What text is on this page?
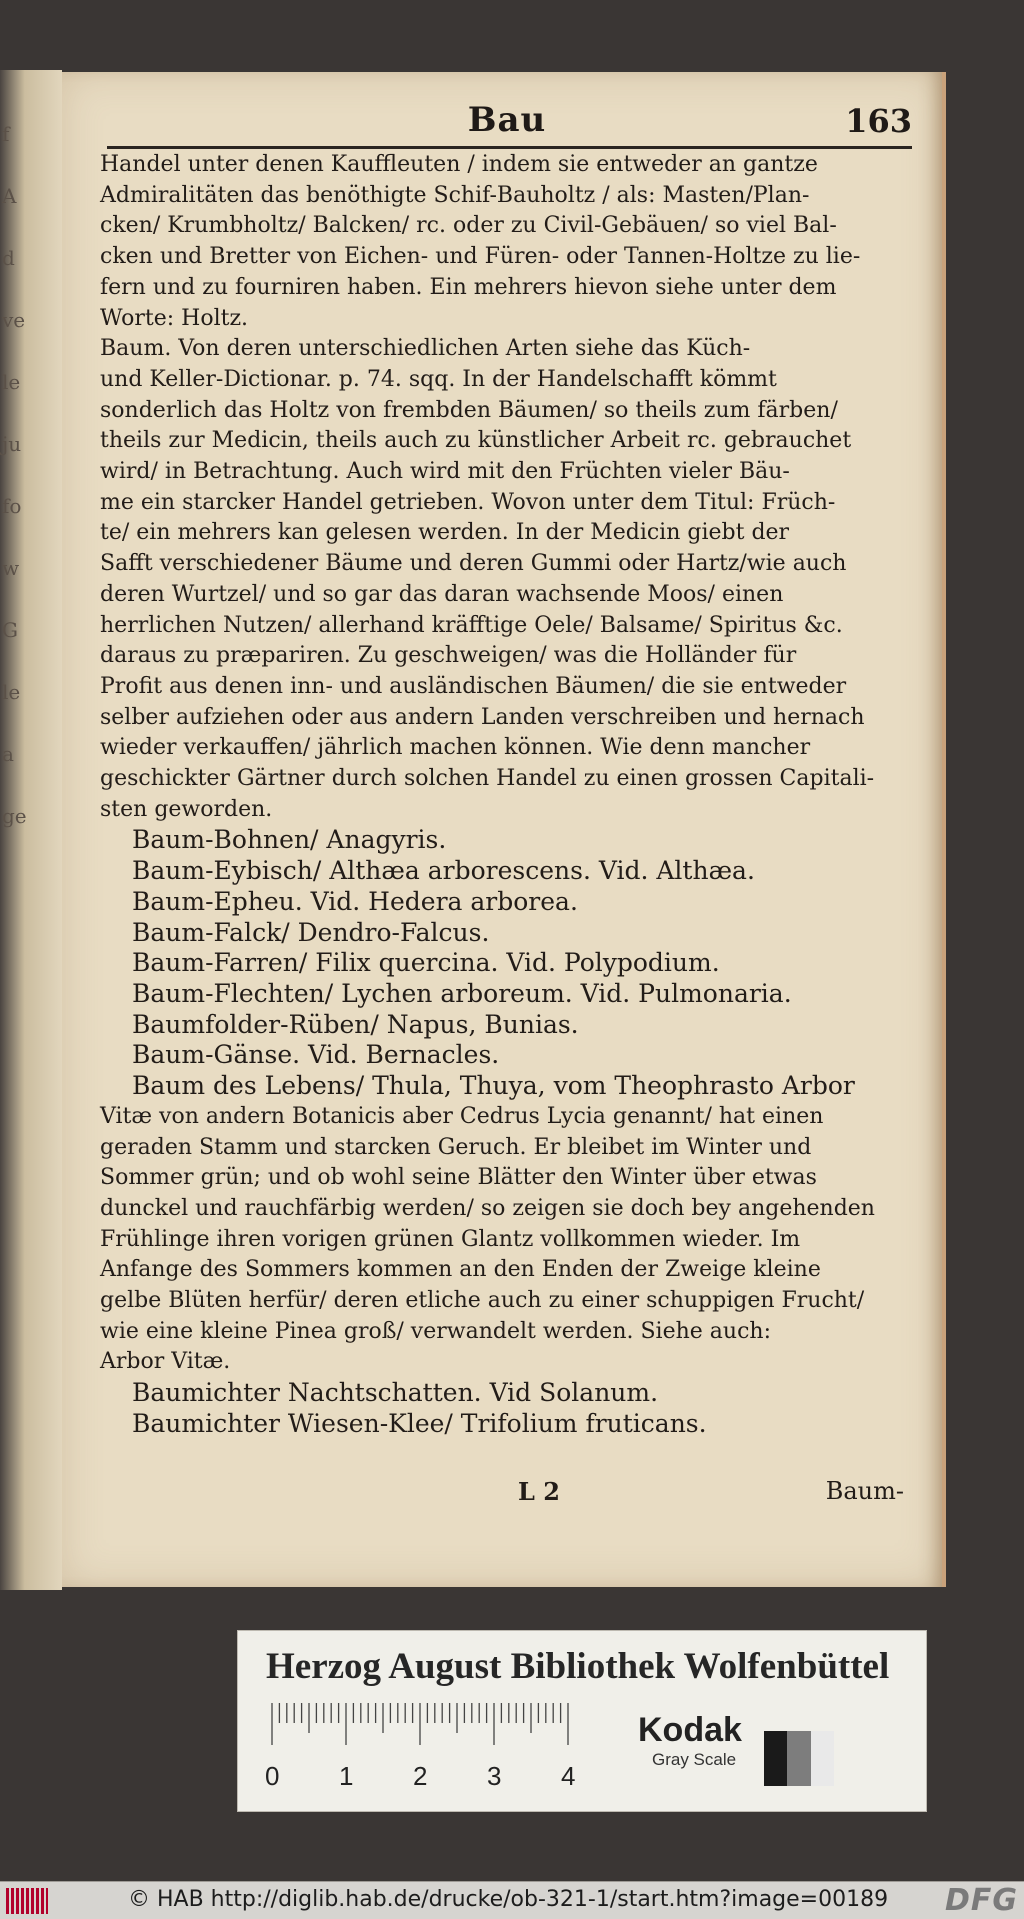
f
A
d
ve
le
ju
fo
w
G
le
a
ge
Bau	163
Handel unter denen Kauffleuten / indem sie entweder an gantze
Admiralitäten das benöthigte Schif-Bauholtz / als: Masten/Plan-
cken/ Krumbholtz/ Balcken/ rc. oder zu Civil-Gebäuen/ so viel Bal-
cken und Bretter von Eichen- und Füren- oder Tannen-Holtze zu lie-
fern und zu fourniren haben. Ein mehrers hievon siehe unter dem
Worte: Holtz.
Baum. Von deren unterschiedlichen Arten siehe das Küch-
und Keller-Dictionar. p. 74. sqq. In der Handelschafft kömmt
sonderlich das Holtz von frembden Bäumen/ so theils zum färben/
theils zur Medicin, theils auch zu künstlicher Arbeit rc. gebrauchet
wird/ in Betrachtung. Auch wird mit den Früchten vieler Bäu-
me ein starcker Handel getrieben. Wovon unter dem Titul: Früch-
te/ ein mehrers kan gelesen werden. In der Medicin giebt der
Safft verschiedener Bäume und deren Gummi oder Hartz/wie auch
deren Wurtzel/ und so gar das daran wachsende Moos/ einen
herrlichen Nutzen/ allerhand kräfftige Oele/ Balsame/ Spiritus &c.
daraus zu præpariren. Zu geschweigen/ was die Holländer für
Profit aus denen inn- und ausländischen Bäumen/ die sie entweder
selber aufziehen oder aus andern Landen verschreiben und hernach
wieder verkauffen/ jährlich machen können. Wie denn mancher
geschickter Gärtner durch solchen Handel zu einen grossen Capitali-
sten geworden.
Baum-Bohnen/ Anagyris.
Baum-Eybisch/ Althæa arborescens. Vid. Althæa.
Baum-Epheu. Vid. Hedera arborea.
Baum-Falck/ Dendro-Falcus.
Baum-Farren/ Filix quercina. Vid. Polypodium.
Baum-Flechten/ Lychen arboreum. Vid. Pulmonaria.
Baumfolder-Rüben/ Napus, Bunias.
Baum-Gänse. Vid. Bernacles.
Baum des Lebens/ Thula, Thuya, vom Theophrasto Arbor
Vitæ von andern Botanicis aber Cedrus Lycia genannt/ hat einen
geraden Stamm und starcken Geruch. Er bleibet im Winter und
Sommer grün; und ob wohl seine Blätter den Winter über etwas
dunckel und rauchfärbig werden/ so zeigen sie doch bey angehenden
Frühlinge ihren vorigen grünen Glantz vollkommen wieder. Im
Anfange des Sommers kommen an den Enden der Zweige kleine
gelbe Blüten herfür/ deren etliche auch zu einer schuppigen Frucht/
wie eine kleine Pinea groß/ verwandelt werden. Siehe auch:
Arbor Vitæ.
Baumichter Nachtschatten. Vid Solanum.
Baumichter Wiesen-Klee/ Trifolium fruticans.
L 2	Baum-
Herzog August Bibliothek Wolfenbüttel
0 1 2 3 4
Kodak
Gray Scale
© HAB http://diglib.hab.de/drucke/ob-321-1/start.htm?image=00189 DFG
